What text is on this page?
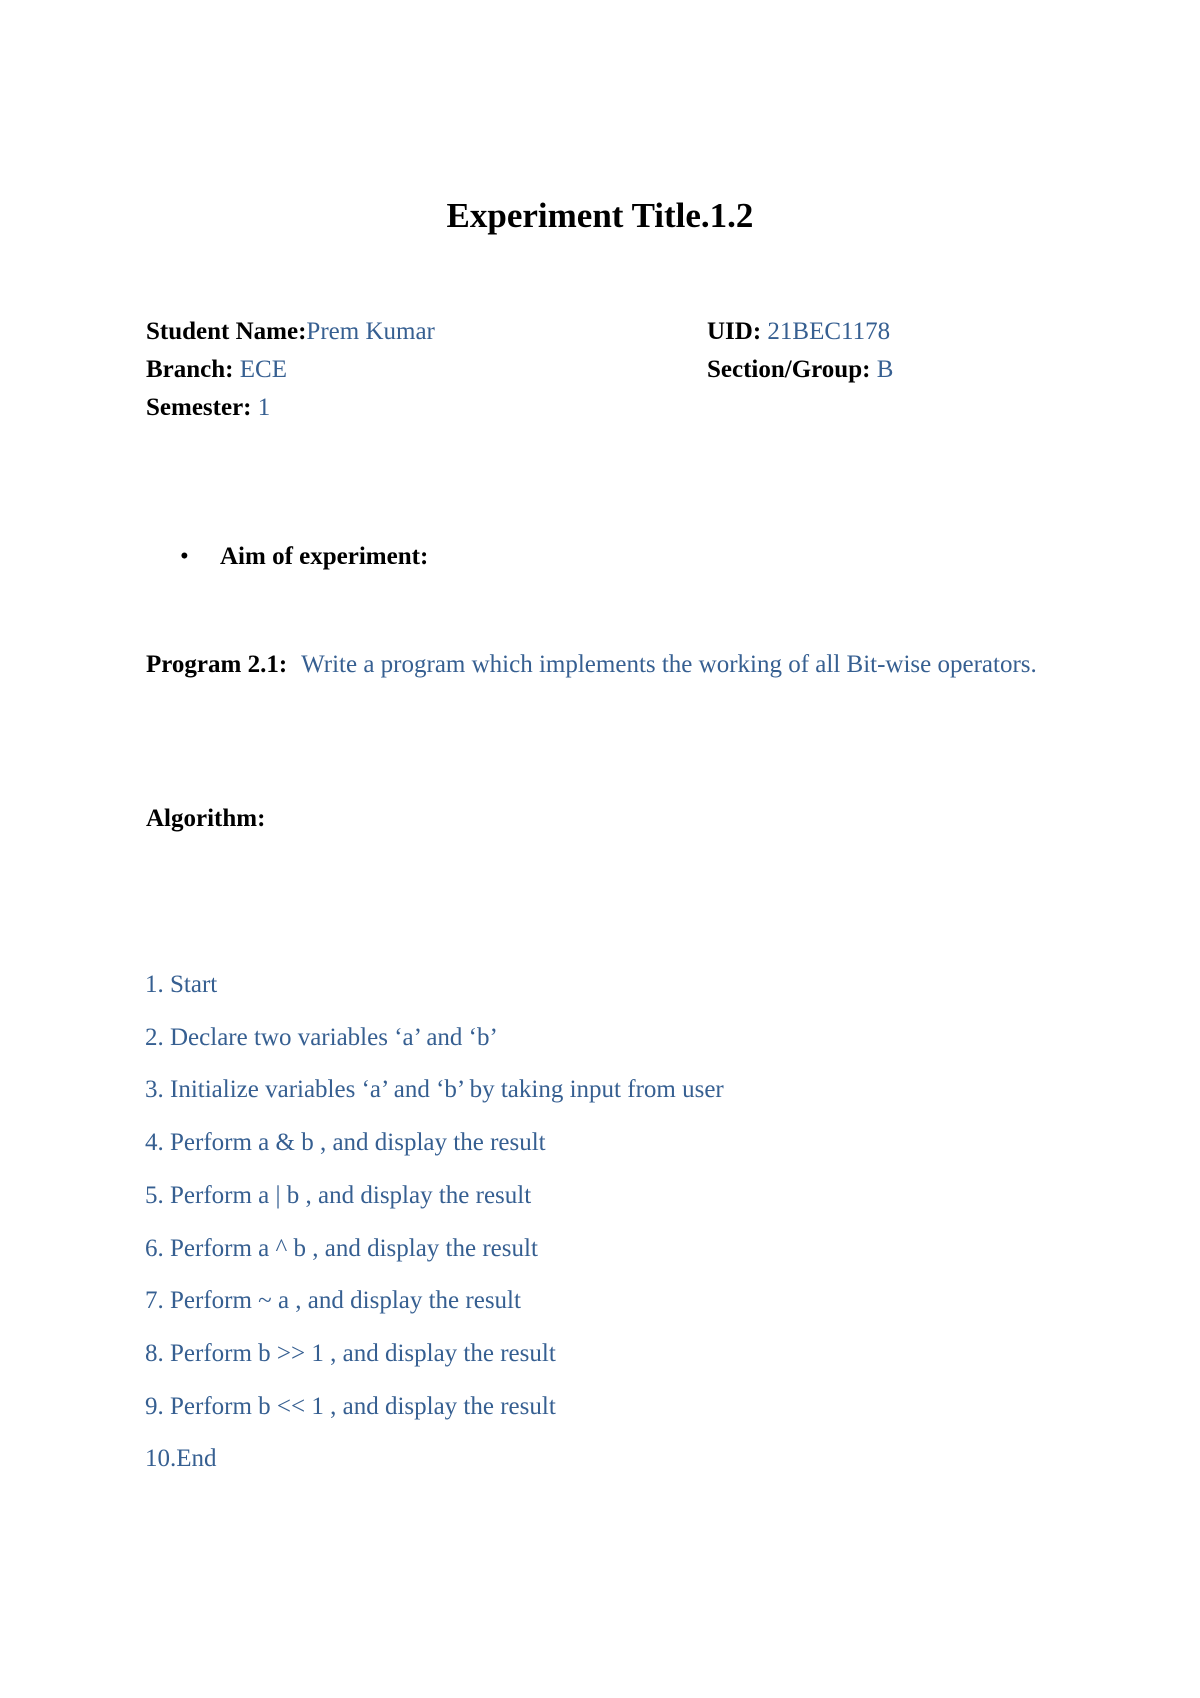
Experiment Title.1.2
Student Name:Prem Kumar
Branch: ECE
Semester: 1
UID: 21BEC1178
Section/Group: B
• Aim of experiment:
Program 2.1: Write a program which implements the working of all Bit-wise operators.
Algorithm:
1. Start
2. Declare two variables ‘a’ and ‘b’
3. Initialize variables ‘a’ and ‘b’ by taking input from user
4. Perform a & b , and display the result
5. Perform a | b , and display the result
6. Perform a ^ b , and display the result
7. Perform ~ a , and display the result
8. Perform b >> 1 , and display the result
9. Perform b << 1 , and display the result
10.End
